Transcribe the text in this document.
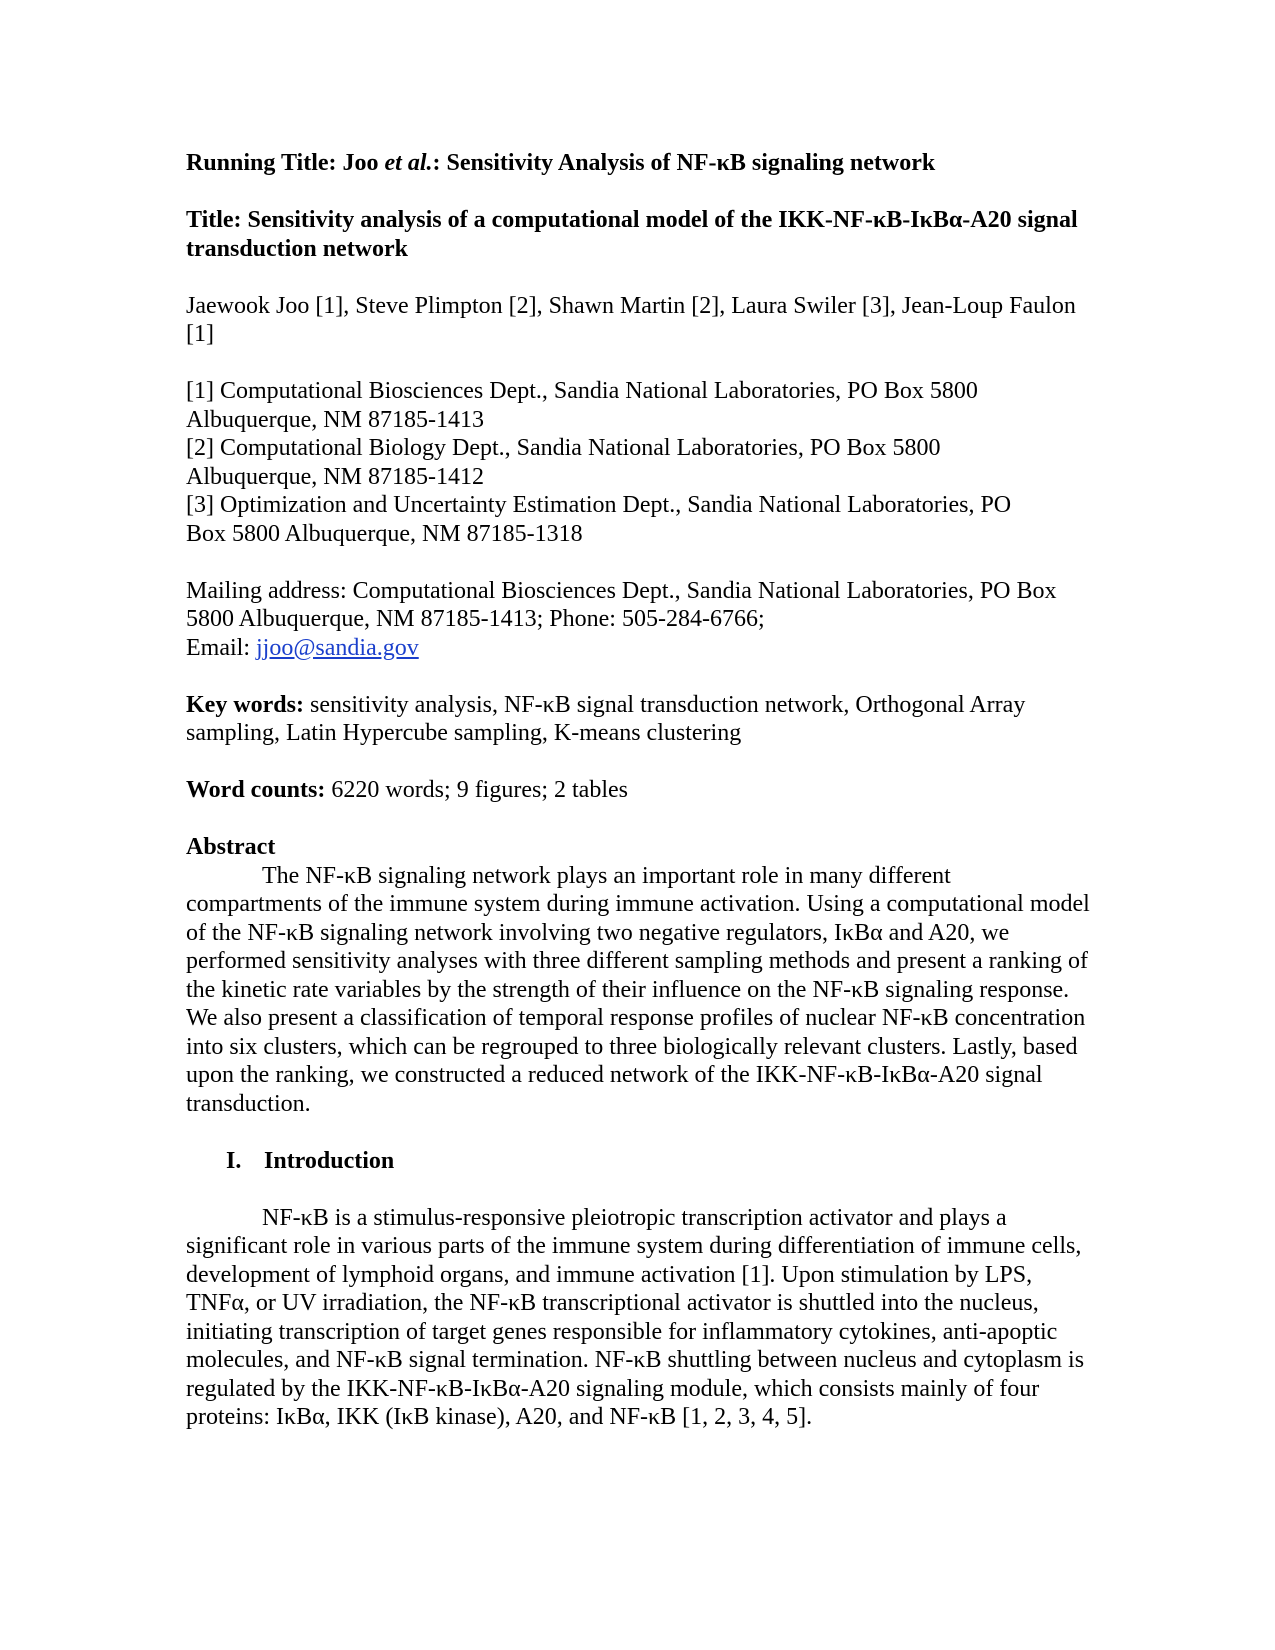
Running Title: Joo et al.: Sensitivity Analysis of NF-κB signaling network

Title: Sensitivity analysis of a computational model of the IKK-NF-κB-IκBα-A20 signal transduction network

Jaewook Joo [1], Steve Plimpton [2], Shawn Martin [2], Laura Swiler [3], Jean-Loup Faulon [1]

[1] Computational Biosciences Dept., Sandia National Laboratories, PO Box 5800
Albuquerque, NM 87185-1413

[2] Computational Biology Dept., Sandia National Laboratories, PO Box 5800
Albuquerque, NM 87185-1412

[3] Optimization and Uncertainty Estimation Dept., Sandia National Laboratories, PO
Box 5800 Albuquerque, NM 87185-1318

Mailing address: Computational Biosciences Dept., Sandia National Laboratories, PO Box 5800 Albuquerque, NM 87185-1413; Phone: 505-284-6766;
Email: jjoo@sandia.gov

Key words: sensitivity analysis, NF-κB signal transduction network, Orthogonal Array sampling, Latin Hypercube sampling, K-means clustering

Word counts: 6220 words; 9 figures; 2 tables

Abstract

The NF-κB signaling network plays an important role in many different compartments of the immune system during immune activation. Using a computational model of the NF-κB signaling network involving two negative regulators, IκBα and A20, we performed sensitivity analyses with three different sampling methods and present a ranking of the kinetic rate variables by the strength of their influence on the NF-κB signaling response. We also present a classification of temporal response profiles of nuclear NF-κB concentration into six clusters, which can be regrouped to three biologically relevant clusters. Lastly, based upon the ranking, we constructed a reduced network of the IKK-NF-κB-IκBα-A20 signal transduction.

I. Introduction

NF-κB is a stimulus-responsive pleiotropic transcription activator and plays a significant role in various parts of the immune system during differentiation of immune cells, development of lymphoid organs, and immune activation [1]. Upon stimulation by LPS, TNFα, or UV irradiation, the NF-κB transcriptional activator is shuttled into the nucleus, initiating transcription of target genes responsible for inflammatory cytokines, anti-apoptic molecules, and NF-κB signal termination. NF-κB shuttling between nucleus and cytoplasm is regulated by the IKK-NF-κB-IκBα-A20 signaling module, which consists mainly of four proteins: IκBα, IKK (IκB kinase), A20, and NF-κB [1, 2, 3, 4, 5].
